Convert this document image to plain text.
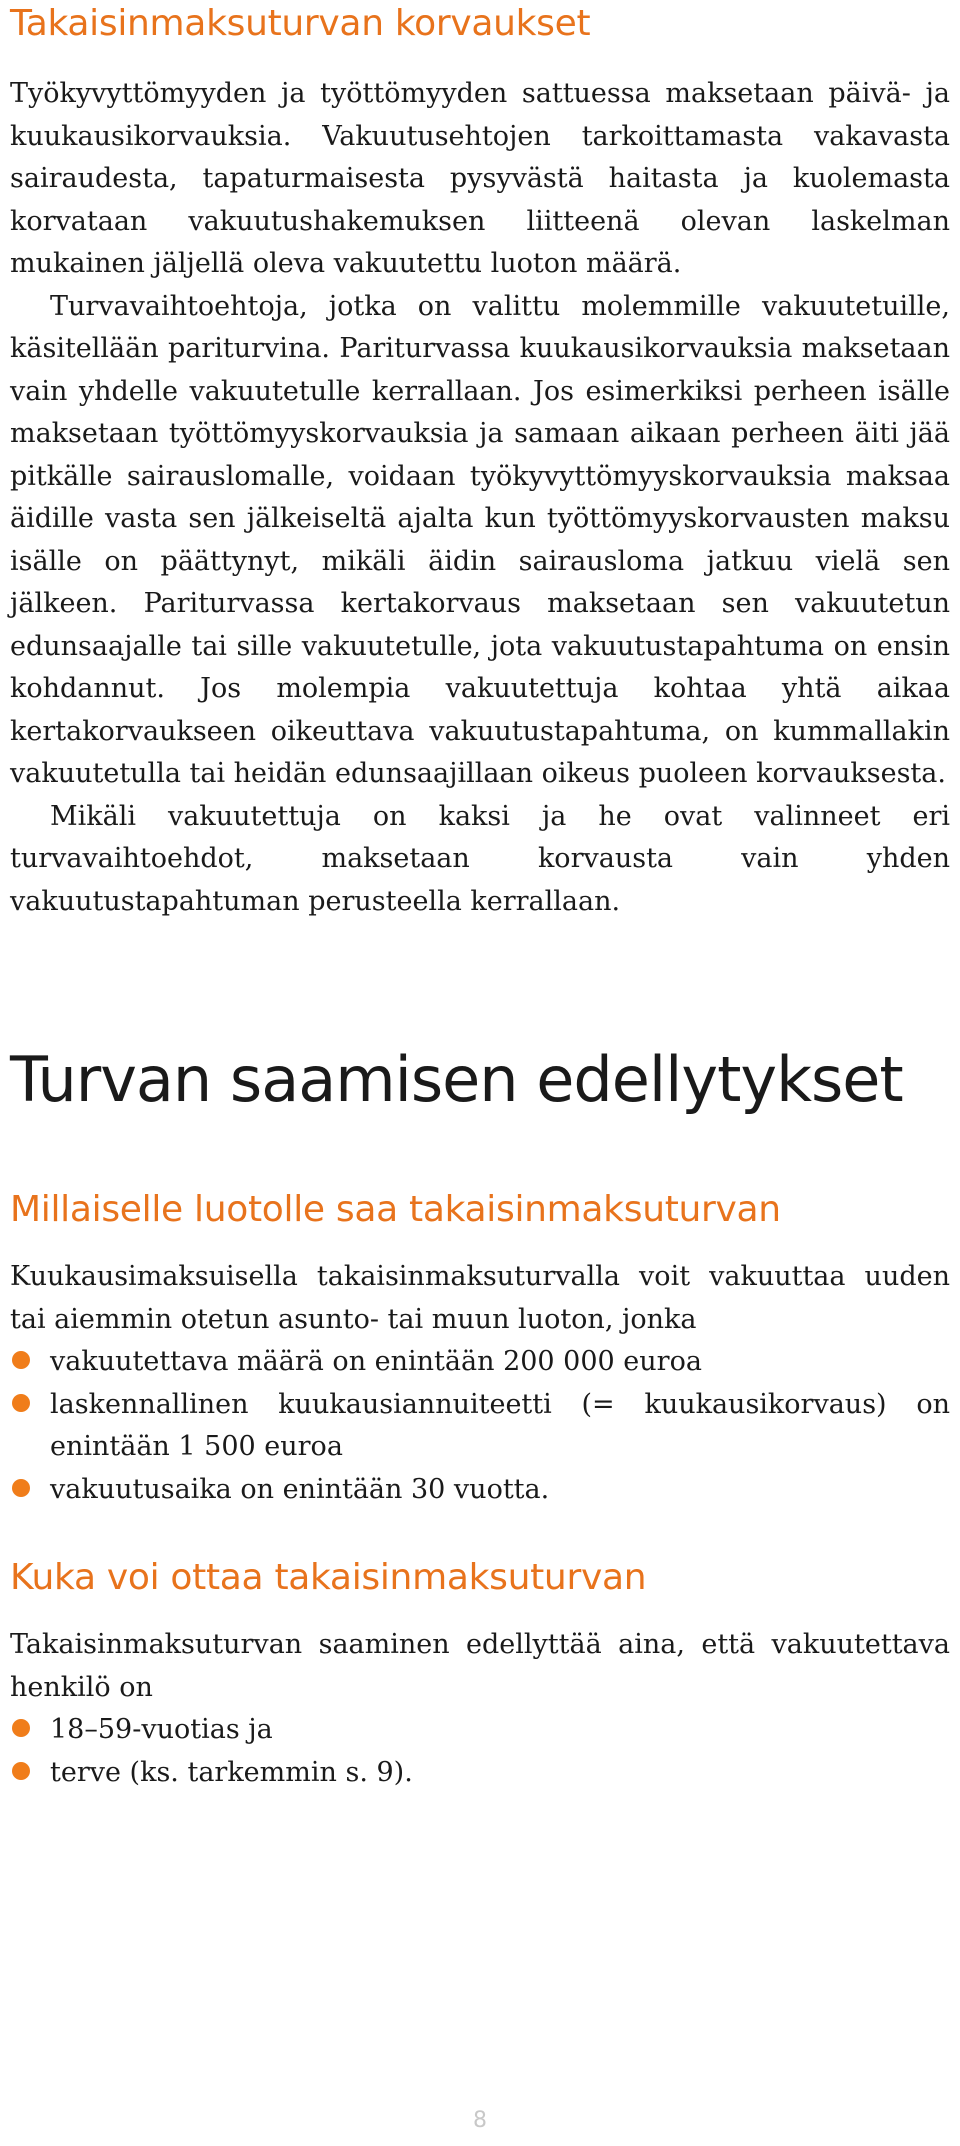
Takaisinmaksuturvan korvaukset

Työkyvyttömyyden ja työttömyyden sattuessa maksetaan päivä- ja kuukausikorvauksia. Vakuutusehtojen tarkoittamasta vakavasta sairaudesta, tapaturmaisesta pysyvästä haitasta ja kuolemasta korvataan vakuutushakemuksen liitteenä olevan laskelman mukainen jäljellä oleva vakuutettu luoton määrä.

Turvavaihtoehtoja, jotka on valittu molemmille vakuutetuille, käsitellään pariturvina. Pariturvassa kuukausikorvauksia maksetaan vain yhdelle vakuutetulle kerrallaan. Jos esimerkiksi perheen isälle maksetaan työttömyyskorvauksia ja samaan aikaan perheen äiti jää pitkälle sairauslomalle, voidaan työkyvyttömyyskorvauksia maksaa äidille vasta sen jälkeiseltä ajalta kun työttömyyskorvausten maksu isälle on päättynyt, mikäli äidin sairausloma jatkuu vielä sen jälkeen. Pariturvassa kertakorvaus maksetaan sen vakuutetun edunsaajalle tai sille vakuutetulle, jota vakuutustapahtuma on ensin kohdannut. Jos molempia vakuutettuja kohtaa yhtä aikaa kertakorvaukseen oikeuttava vakuutustapahtuma, on kummallakin vakuutetulla tai heidän edunsaajillaan oikeus puoleen korvauksesta.

Mikäli vakuutettuja on kaksi ja he ovat valinneet eri turvavaihtoehdot, maksetaan korvausta vain yhden vakuutustapahtuman perusteella kerrallaan.

Turvan saamisen edellytykset
Millaiselle luotolle saa takaisinmaksuturvan

Kuukausimaksuisella takaisinmaksuturvalla voit vakuuttaa uuden tai aiemmin otetun asunto- tai muun luoton, jonka

vakuutettava määrä on enintään 200 000 euroa
laskennallinen kuukausiannuiteetti (= kuukausikorvaus) on enintään 1 500 euroa
vakuutusaika on enintään 30 vuotta.
Kuka voi ottaa takaisinmaksuturvan

Takaisinmaksuturvan saaminen edellyttää aina, että vakuutettava henkilö on

18–59-vuotias ja
terve (ks. tarkemmin s. 9).
8
